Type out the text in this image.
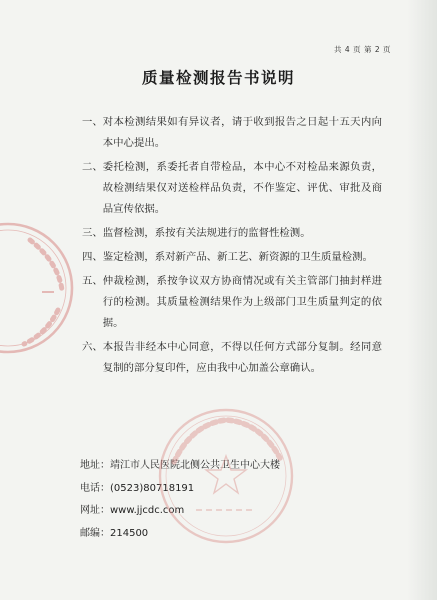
共 4 页 第 2 页
质量检测报告书说明
一、 对本检测结果如有异议者，请于收到报告之日起十五天内向本中心提出。
二、 委托检测，系委托者自带检品，本中心不对检品来源负责，故检测结果仅对送检样品负责，不作鉴定、评优、审批及商品宣传依据。
三、 监督检测，系按有关法规进行的监督性检测。
四、 鉴定检测，系对新产品、新工艺、新资源的卫生质量检测。
五、 仲裁检测，系按争议双方协商情况或有关主管部门抽封样进行的检测。其质量检测结果作为上级部门卫生质量判定的依据。
六、 本报告非经本中心同意，不得以任何方式部分复制。经同意复制的部分复印件，应由我中心加盖公章确认。
地址：靖江市人民医院北侧公共卫生中心大楼
电话：(0523)80718191
网址：www.jjcdc.com
邮编：214500
